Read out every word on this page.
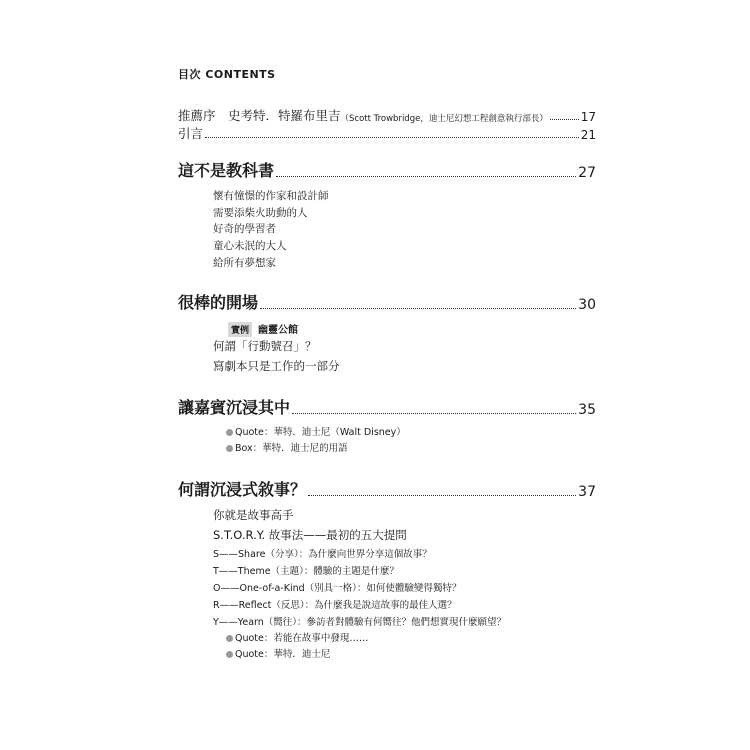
目次 CONTENTS
推薦序　史考特．特羅布里吉 （Scott Trowbridge，迪士尼幻想工程創意執行部長）	17
引言	21
這不是教科書	27
懷有憧憬的作家和設計師
需要添柴火助動的人
好奇的學習者
童心未泯的大人
給所有夢想家
很棒的開場	30
實例 幽靈公館
何謂「行動號召」？
寫劇本只是工作的一部分
讓嘉賓沉浸其中	35
Quote：華特．迪士尼（Walt Disney）
Box：華特．迪士尼的用語
何謂沉浸式敘事？	37
你就是故事高手
S.T.O.R.Y. 故事法——最初的五大提問
S——Share（分享）：為什麼向世界分享這個故事？
T——Theme（主題）：體驗的主題是什麼？
O——One-of-a-Kind（別具一格）：如何使體驗變得獨特？
R——Reflect（反思）：為什麼我是說這故事的最佳人選？
Y——Yearn（嚮往）：參訪者對體驗有何嚮往？他們想實現什麼願望？
Quote：若能在故事中發現……
Quote：華特．迪士尼
